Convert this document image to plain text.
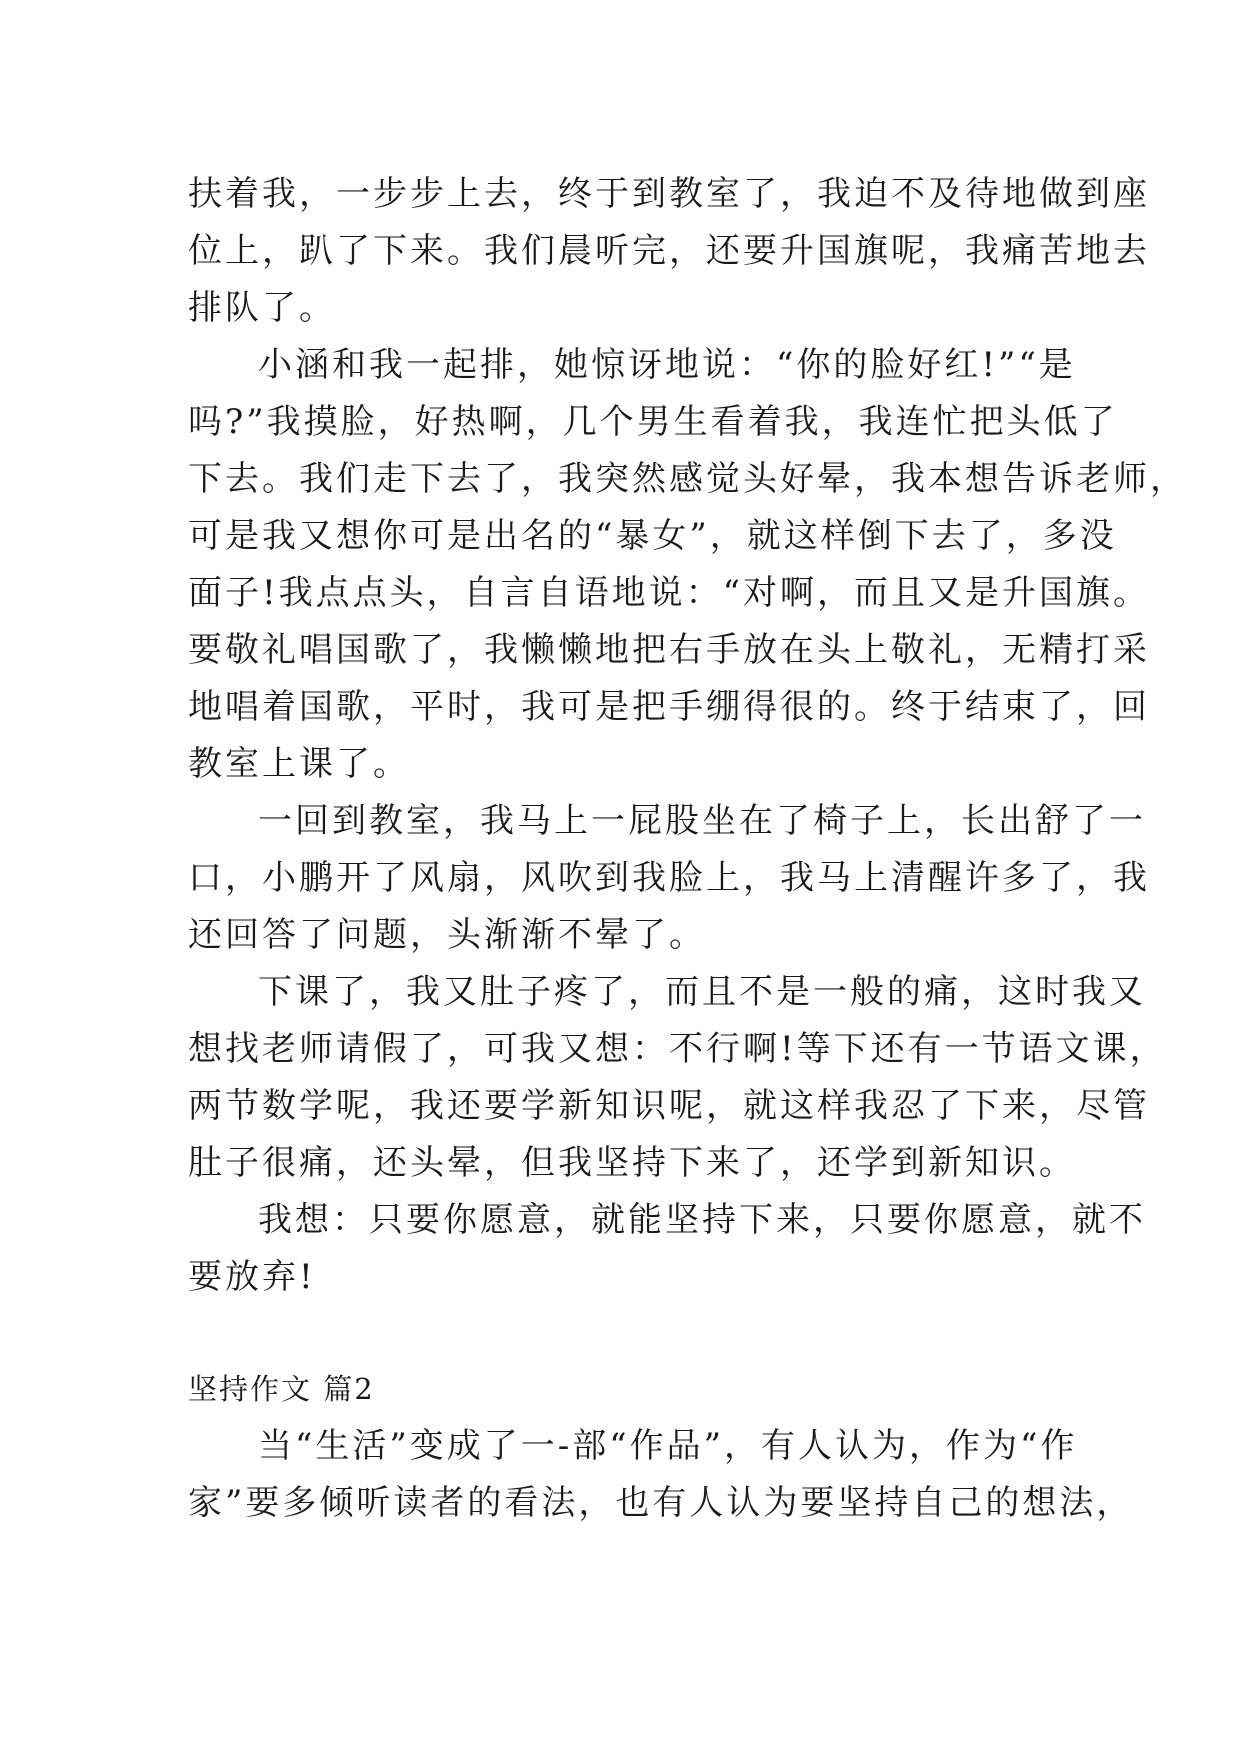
扶着我，一步步上去，终于到教室了，我迫不及待地做到座
位上，趴了下来。我们晨听完，还要升国旗呢，我痛苦地去
排队了。
小涵和我一起排，她惊讶地说：“你的脸好红!”“是
吗?”我摸脸，好热啊，几个男生看着我，我连忙把头低了
下去。我们走下去了，我突然感觉头好晕，我本想告诉老师，
可是我又想你可是出名的“暴女”，就这样倒下去了，多没
面子!我点点头，自言自语地说：“对啊，而且又是升国旗。
要敬礼唱国歌了，我懒懒地把右手放在头上敬礼，无精打采
地唱着国歌，平时，我可是把手绷得很的。终于结束了，回
教室上课了。
一回到教室，我马上一屁股坐在了椅子上，长出舒了一
口，小鹏开了风扇，风吹到我脸上，我马上清醒许多了，我
还回答了问题，头渐渐不晕了。
下课了，我又肚子疼了，而且不是一般的痛，这时我又
想找老师请假了，可我又想：不行啊!等下还有一节语文课，
两节数学呢，我还要学新知识呢，就这样我忍了下来，尽管
肚子很痛，还头晕，但我坚持下来了，还学到新知识。
我想：只要你愿意，就能坚持下来，只要你愿意，就不
要放弃!
坚持作文 篇2
当“生活”变成了一-部“作品”，有人认为，作为“作
家”要多倾听读者的看法，也有人认为要坚持自己的想法，
